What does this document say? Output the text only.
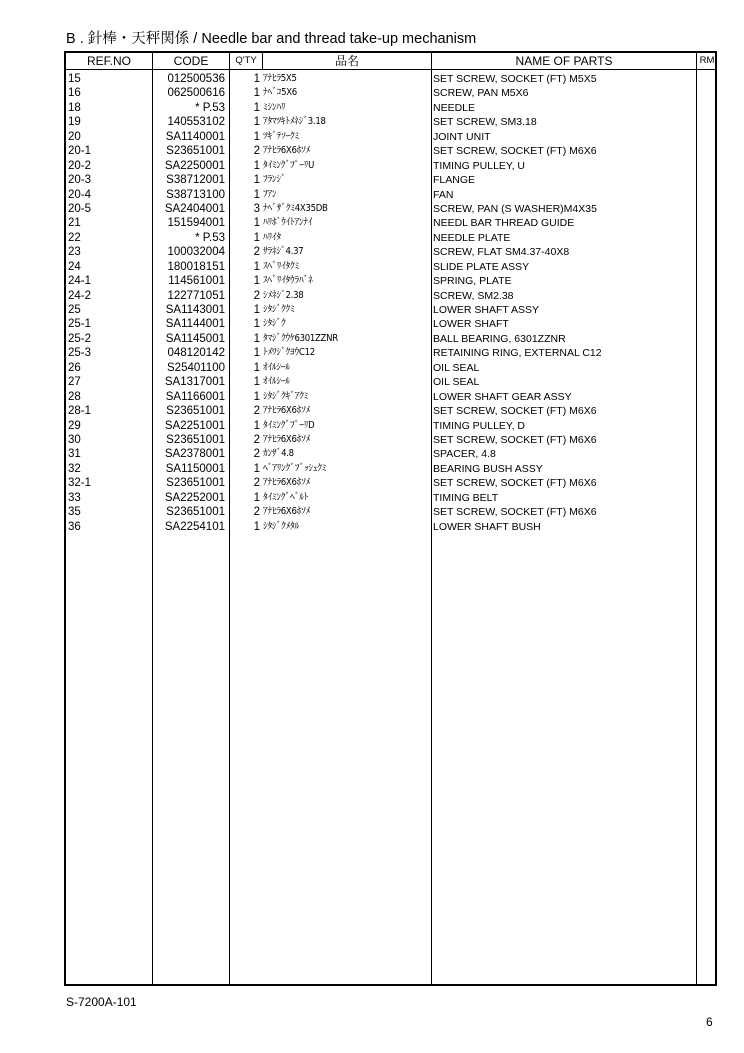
B . 針棒・天秤関係 / Needle bar and thread take-up mechanism
REF.NO	CODE	Q'TY	品名	NAME OF PARTS	RM
15	012500536	1 ｱﾅﾋﾗ5X5	SET SCREW, SOCKET (FT) M5X5
16	062500616	1 ﾅﾍﾞｺ5X6	SCREW, PAN M5X6
18	* P.53	1 ﾐｼﾝﾊﾘ	NEEDLE
19	140553102	1 ｱﾀﾏﾂｷﾄﾒﾈｼﾞ3.18	SET SCREW, SM3.18
20	SA1140001	1 ﾂｷﾞﾃｿｰｸﾐ	JOINT UNIT
20-1	S23651001	2 ｱﾅﾋﾗ6X6ﾎｿﾒ	SET SCREW, SOCKET (FT) M6X6
20-2	SA2250001	1 ﾀｲﾐﾝｸﾞﾌﾟｰﾘU	TIMING PULLEY, U
20-3	S38712001	1 ﾌﾗﾝｼﾞ	FLANGE
20-4	S38713100	1 ﾌｱﾝ	FAN
20-5	SA2404001	3 ﾅﾍﾞｻﾞｸﾐ4X35DB	SCREW, PAN (S WASHER)M4X35
21	151594001	1 ﾊﾘﾎﾞｳｲﾄｱﾝﾅｲ	NEEDL BAR THREAD GUIDE
22	* P.53	1 ﾊﾘｲﾀ	NEEDLE PLATE
23	100032004	2 ｻﾗﾈｼﾞ4.37	SCREW, FLAT SM4.37-40X8
24	180018151	1 ｽﾍﾞﾘｲﾀｸﾐ	SLIDE PLATE ASSY
24-1	114561001	1 ｽﾍﾞﾘｲﾀｳﾗﾊﾞﾈ	SPRING, PLATE
24-2	122771051	2 ｼﾒﾈｼﾞ2.38	SCREW, SM2.38
25	SA1143001	1 ｼﾀｼﾞｸｸﾐ	LOWER SHAFT ASSY
25-1	SA1144001	1 ｼﾀｼﾞｸ	LOWER SHAFT
25-2	SA1145001	1 ﾀﾏｼﾞｸｳｹ6301ZZNR	BALL BEARING, 6301ZZNR
25-3	048120142	1 ﾄﾒﾜｼﾞｸﾖｳC12	RETAINING RING, EXTERNAL C12
26	S25401100	1 ｵｲﾙｼｰﾙ	OIL SEAL
27	SA1317001	1 ｵｲﾙｼｰﾙ	OIL SEAL
28	SA1166001	1 ｼﾀｼﾞｸｷﾞｱｸﾐ	LOWER SHAFT GEAR ASSY
28-1	S23651001	2 ｱﾅﾋﾗ6X6ﾎｿﾒ	SET SCREW, SOCKET (FT) M6X6
29	SA2251001	1 ﾀｲﾐﾝｸﾞﾌﾟｰﾘD	TIMING PULLEY, D
30	S23651001	2 ｱﾅﾋﾗ6X6ﾎｿﾒ	SET SCREW, SOCKET (FT) M6X6
31	SA2378001	2 ｶﾝｻﾞ4.8	SPACER, 4.8
32	SA1150001	1 ﾍﾞｱﾘﾝｸﾞﾌﾞｯｼｭｸﾐ	BEARING BUSH ASSY
32-1	S23651001	2 ｱﾅﾋﾗ6X6ﾎｿﾒ	SET SCREW, SOCKET (FT) M6X6
33	SA2252001	1 ﾀｲﾐﾝｸﾞﾍﾞﾙﾄ	TIMING BELT
35	S23651001	2 ｱﾅﾋﾗ6X6ﾎｿﾒ	SET SCREW, SOCKET (FT) M6X6
36	SA2254101	1 ｼﾀｼﾞｸﾒﾀﾙ	LOWER SHAFT BUSH
S-7200A-101
6
